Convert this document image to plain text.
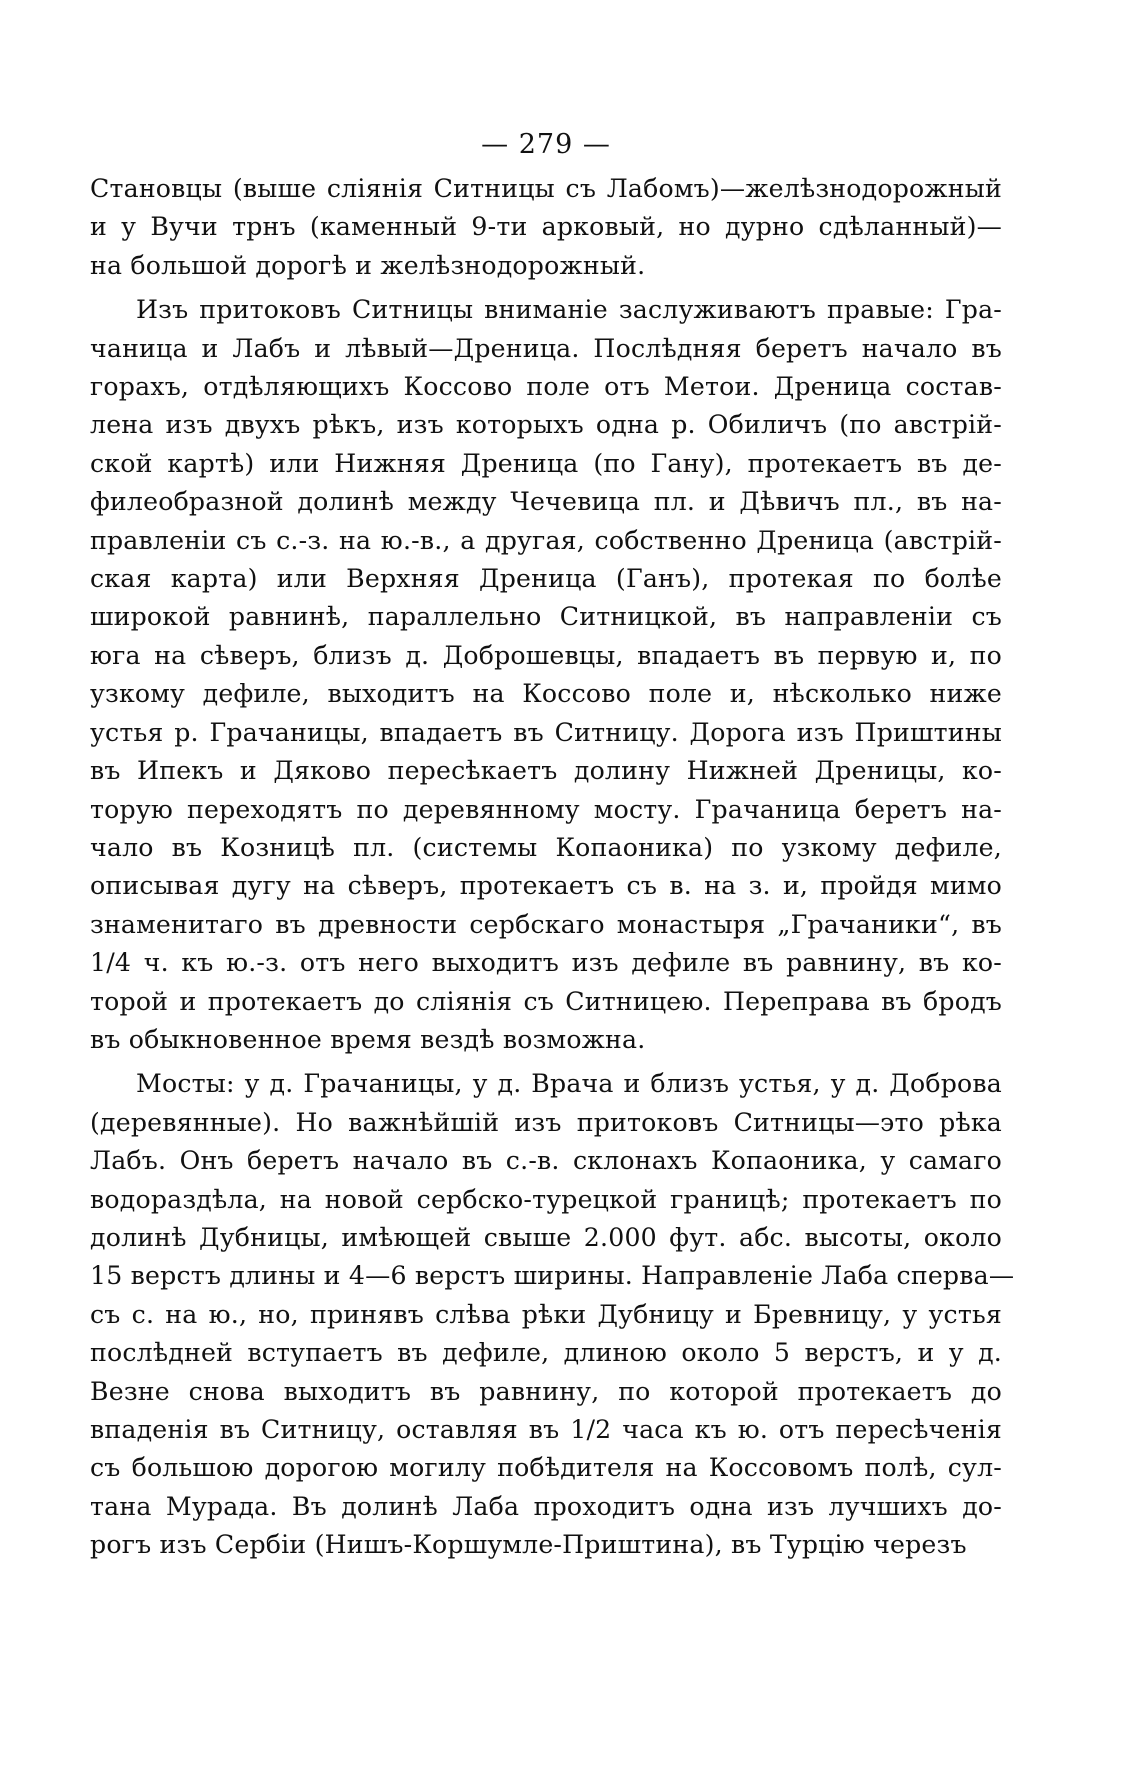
— 279 —
Становцы (выше сліянія Ситницы съ Лабомъ)—желѣзнодорожный
и у Вучи трнъ (каменный 9-ти арковый, но дурно сдѣланный)—
на большой дорогѣ и желѣзнодорожный.
Изъ притоковъ Ситницы вниманіе заслуживаютъ правые: Гра-
чаница и Лабъ и лѣвый—Дреница. Послѣдняя беретъ начало въ
горахъ, отдѣляющихъ Коссово поле отъ Метои. Дреница состав-
лена изъ двухъ рѣкъ, изъ которыхъ одна р. Обиличъ (по австрій-
ской картѣ) или Нижняя Дреница (по Гану), протекаетъ въ де-
филеобразной долинѣ между Чечевица пл. и Дѣвичъ пл., въ на-
правленіи съ с.-з. на ю.-в., а другая, собственно Дреница (австрій-
ская карта) или Верхняя Дреница (Ганъ), протекая по болѣе
широкой равнинѣ, параллельно Ситницкой, въ направленіи съ
юга на сѣверъ, близъ д. Доброшевцы, впадаетъ въ первую и, по
узкому дефиле, выходитъ на Коссово поле и, нѣсколько ниже
устья р. Грачаницы, впадаетъ въ Ситницу. Дорога изъ Приштины
въ Ипекъ и Дяково пересѣкаетъ долину Нижней Дреницы, ко-
торую переходятъ по деревянному мосту. Грачаница беретъ на-
чало въ Козницѣ пл. (системы Копаоника) по узкому дефиле,
описывая дугу на сѣверъ, протекаетъ съ в. на з. и, пройдя мимо
знаменитаго въ древности сербскаго монастыря „Грачаники“, въ
1/4 ч. къ ю.-з. отъ него выходитъ изъ дефиле въ равнину, въ ко-
торой и протекаетъ до сліянія съ Ситницею. Переправа въ бродъ
въ обыкновенное время вездѣ возможна.
Мосты: у д. Грачаницы, у д. Врача и близъ устья, у д. Доброва
(деревянные). Но важнѣйшій изъ притоковъ Ситницы—это рѣка
Лабъ. Онъ беретъ начало въ с.-в. склонахъ Копаоника, у самаго
водораздѣла, на новой сербско-турецкой границѣ; протекаетъ по
долинѣ Дубницы, имѣющей свыше 2.000 фут. абс. высоты, около
15 верстъ длины и 4—6 верстъ ширины. Направленіе Лаба сперва—
съ с. на ю., но, принявъ слѣва рѣки Дубницу и Бревницу, у устья
послѣдней вступаетъ въ дефиле, длиною около 5 верстъ, и у д.
Везне снова выходитъ въ равнину, по которой протекаетъ до
впаденія въ Ситницу, оставляя въ 1/2 часа къ ю. отъ пересѣченія
съ большою дорогою могилу побѣдителя на Коссовомъ полѣ, сул-
тана Мурада. Въ долинѣ Лаба проходитъ одна изъ лучшихъ до-
рогъ изъ Сербіи (Нишъ-Коршумле-Приштина), въ Турцію черезъ
